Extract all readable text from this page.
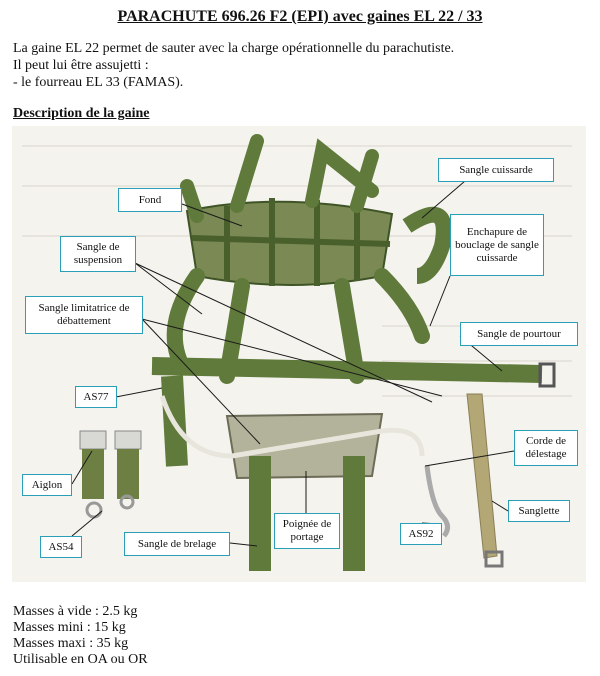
PARACHUTE 696.26 F2 (EPI) avec gaines EL 22 / 33
La gaine EL 22 permet de sauter avec la charge opérationnelle du parachutiste.
Il peut lui être assujetti :
- le fourreau EL 33 (FAMAS).
Description de la gaine
Fond
Sangle cuissarde
Sangle de suspension
Enchapure de bouclage de sangle cuissarde
Sangle limitatrice de débattement
Sangle de pourtour
AS77
Corde de délestage
Aiglon
Sanglette
Poignée de portage
AS54	Sangle de brelage
AS92
Masses à vide : 2.5 kg
Masses mini : 15 kg
Masses maxi : 35 kg
Utilisable en OA ou OR
